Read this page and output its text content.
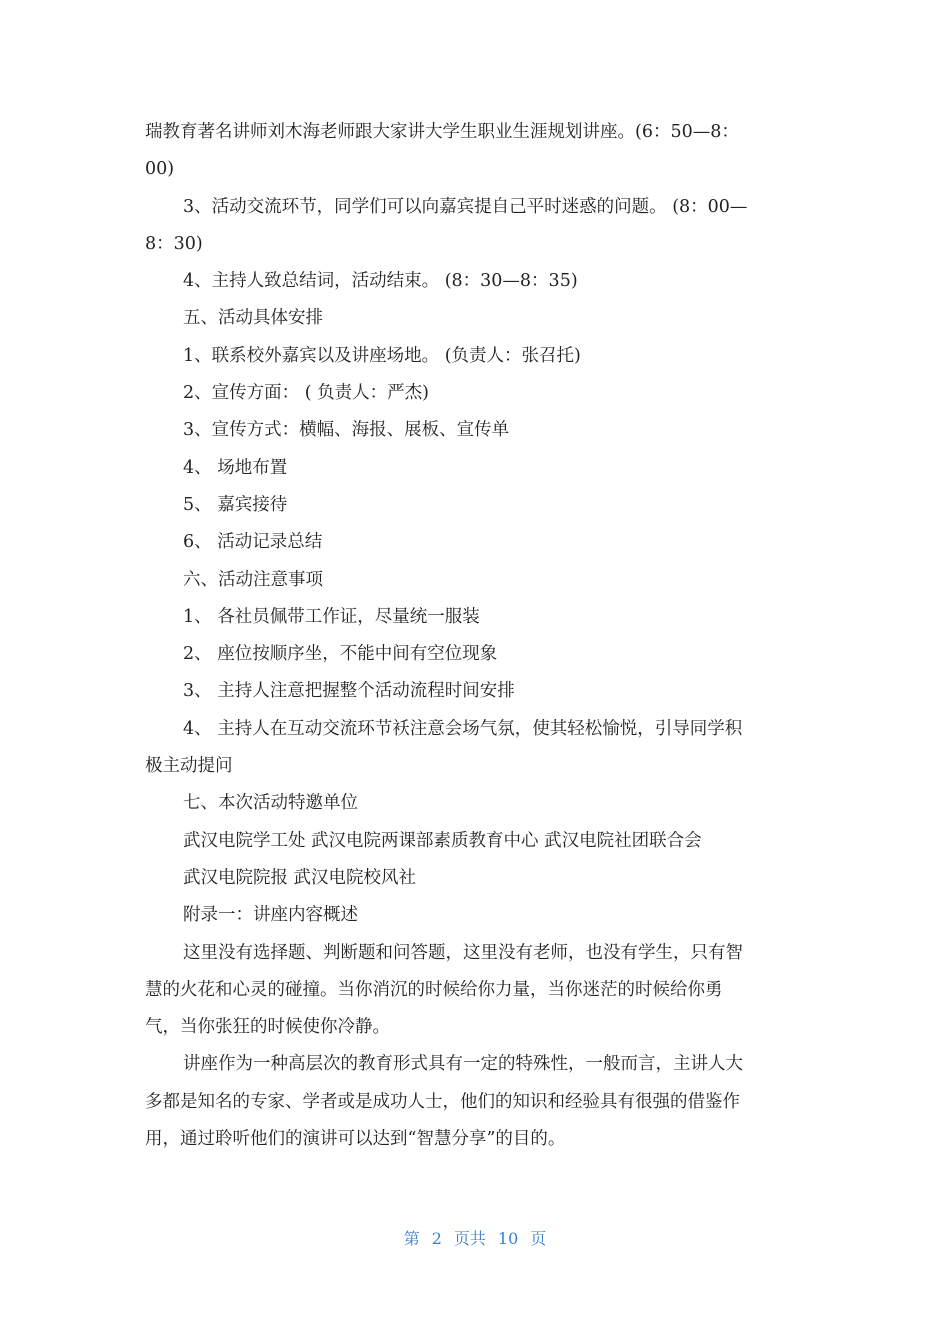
瑞教育著名讲师刘木海老师跟大家讲大学生职业生涯规划讲座。(6：50—8：
00)
3、活动交流环节，同学们可以向嘉宾提自己平时迷惑的问题。 (8：00—
8：30)
4、主持人致总结词，活动结束。 (8：30—8：35)
五、活动具体安排
1、联系校外嘉宾以及讲座场地。 (负责人：张召托)
2、宣传方面： ( 负责人：严杰)
3、宣传方式：横幅、海报、展板、宣传单
4、 场地布置
5、 嘉宾接待
6、 活动记录总结
六、活动注意事项
1、 各社员佩带工作证，尽量统一服装
2、 座位按顺序坐，不能中间有空位现象
3、 主持人注意把握整个活动流程时间安排
4、 主持人在互动交流环节袄注意会场气氛，使其轻松愉悦，引导同学积
极主动提问
七、本次活动特邀单位
武汉电院学工处 武汉电院两课部素质教育中心 武汉电院社团联合会
武汉电院院报 武汉电院校风社
附录一：讲座内容概述
这里没有选择题、判断题和问答题，这里没有老师，也没有学生，只有智
慧的火花和心灵的碰撞。当你消沉的时候给你力量，当你迷茫的时候给你勇
气，当你张狂的时候使你冷静。
讲座作为一种高层次的教育形式具有一定的特殊性，一般而言，主讲人大
多都是知名的专家、学者或是成功人士，他们的知识和经验具有很强的借鉴作
用，通过聆听他们的演讲可以达到“智慧分享”的目的。
第 2 页共 10 页
